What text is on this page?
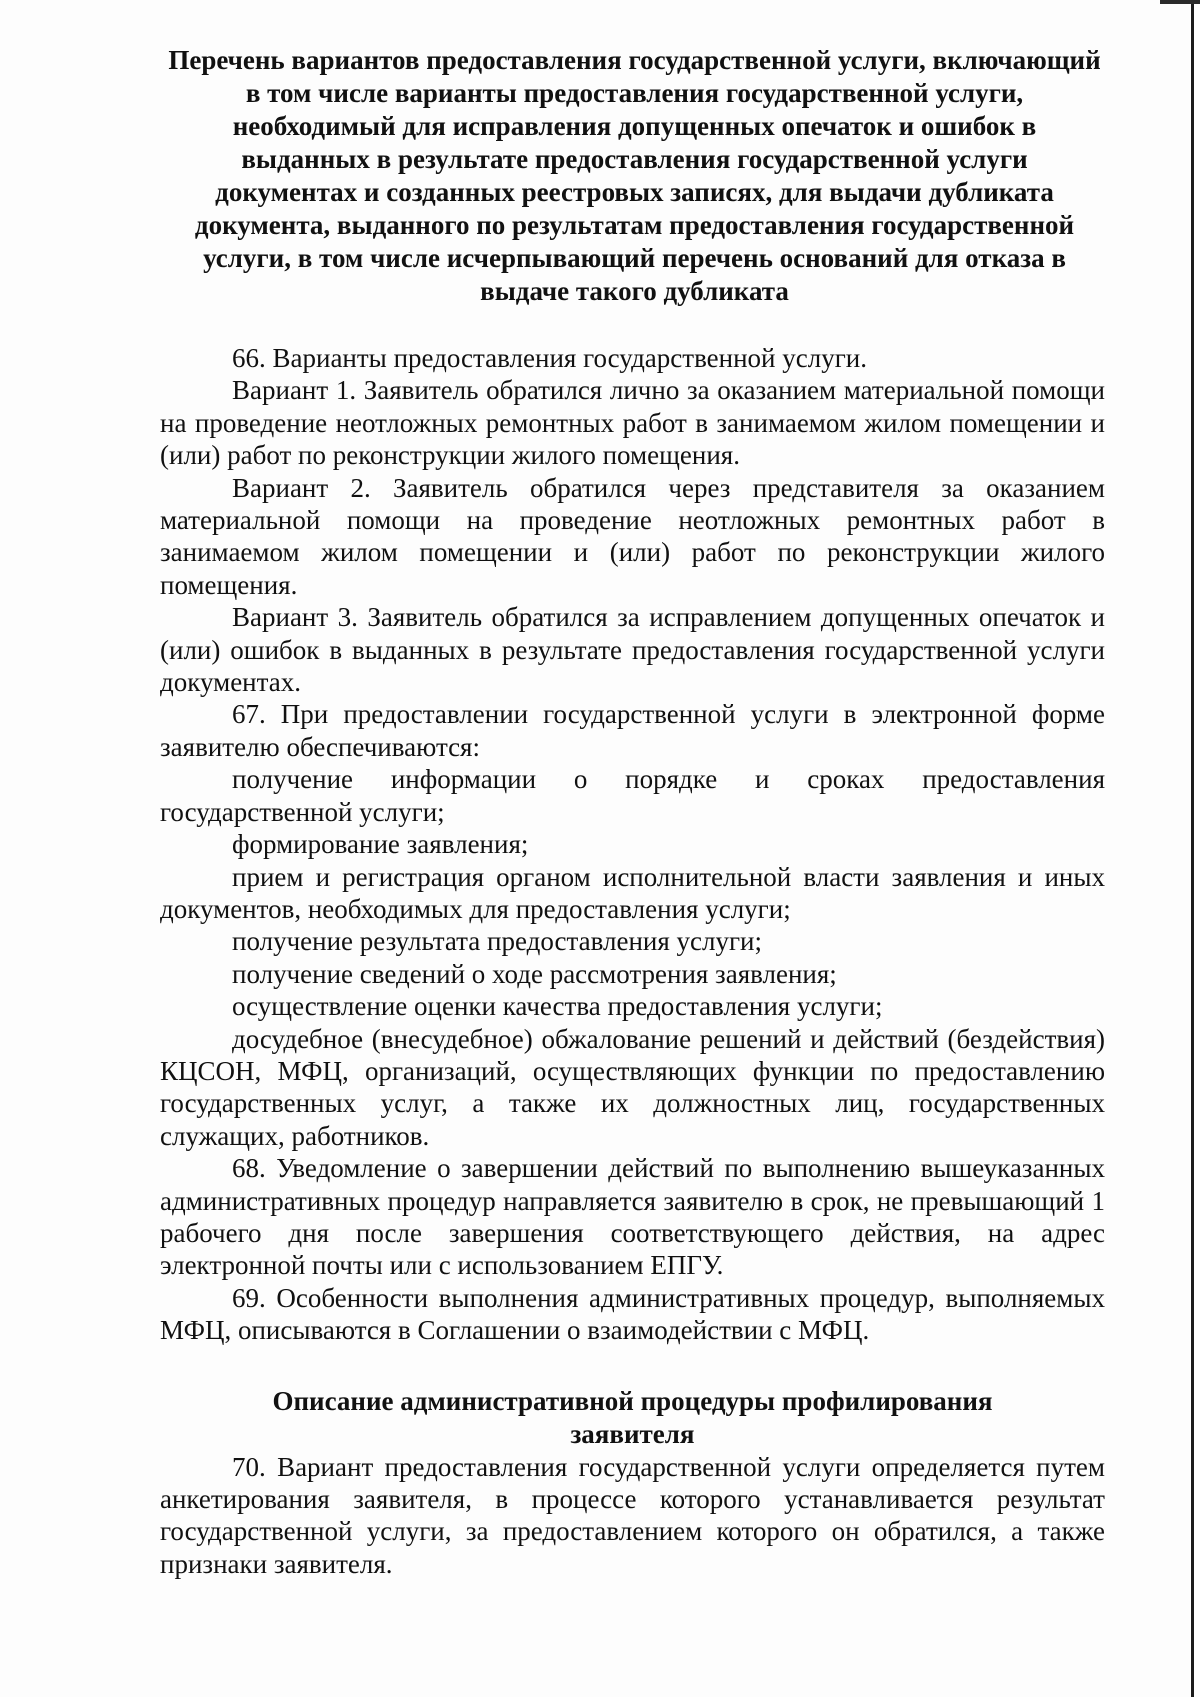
Перечень вариантов предоставления государственной услуги, включающий в том числе варианты предоставления государственной услуги, необходимый для исправления допущенных опечаток и ошибок в выданных в результате предоставления государственной услуги документах и созданных реестровых записях, для выдачи дубликата документа, выданного по результатам предоставления государственной услуги, в том числе исчерпывающий перечень оснований для отказа в выдаче такого дубликата

66. Варианты предоставления государственной услуги.

Вариант 1. Заявитель обратился лично за оказанием материальной помощи на проведение неотложных ремонтных работ в занимаемом жилом помещении и (или) работ по реконструкции жилого помещения.

Вариант 2. Заявитель обратился через представителя за оказанием материальной помощи на проведение неотложных ремонтных работ в занимаемом жилом помещении и (или) работ по реконструкции жилого помещения.

Вариант 3. Заявитель обратился за исправлением допущенных опечаток и (или) ошибок в выданных в результате предоставления государственной услуги документах.

67. При предоставлении государственной услуги в электронной форме заявителю обеспечиваются:

получение информации о порядке и сроках предоставления государственной услуги;

формирование заявления;

прием и регистрация органом исполнительной власти заявления и иных документов, необходимых для предоставления услуги;

получение результата предоставления услуги;

получение сведений о ходе рассмотрения заявления;

осуществление оценки качества предоставления услуги;

досудебное (внесудебное) обжалование решений и действий (бездействия) КЦСОН, МФЦ, организаций, осуществляющих функции по предоставлению государственных услуг, а также их должностных лиц, государственных служащих, работников.

68. Уведомление о завершении действий по выполнению вышеуказанных административных процедур направляется заявителю в срок, не превышающий 1 рабочего дня после завершения соответствующего действия, на адрес электронной почты или с использованием ЕПГУ.

69. Особенности выполнения административных процедур, выполняемых МФЦ, описываются в Соглашении о взаимодействии с МФЦ.

Описание административной процедуры профилирования заявителя

70. Вариант предоставления государственной услуги определяется путем анкетирования заявителя, в процессе которого устанавливается результат государственной услуги, за предоставлением которого он обратился, а также признаки заявителя.
